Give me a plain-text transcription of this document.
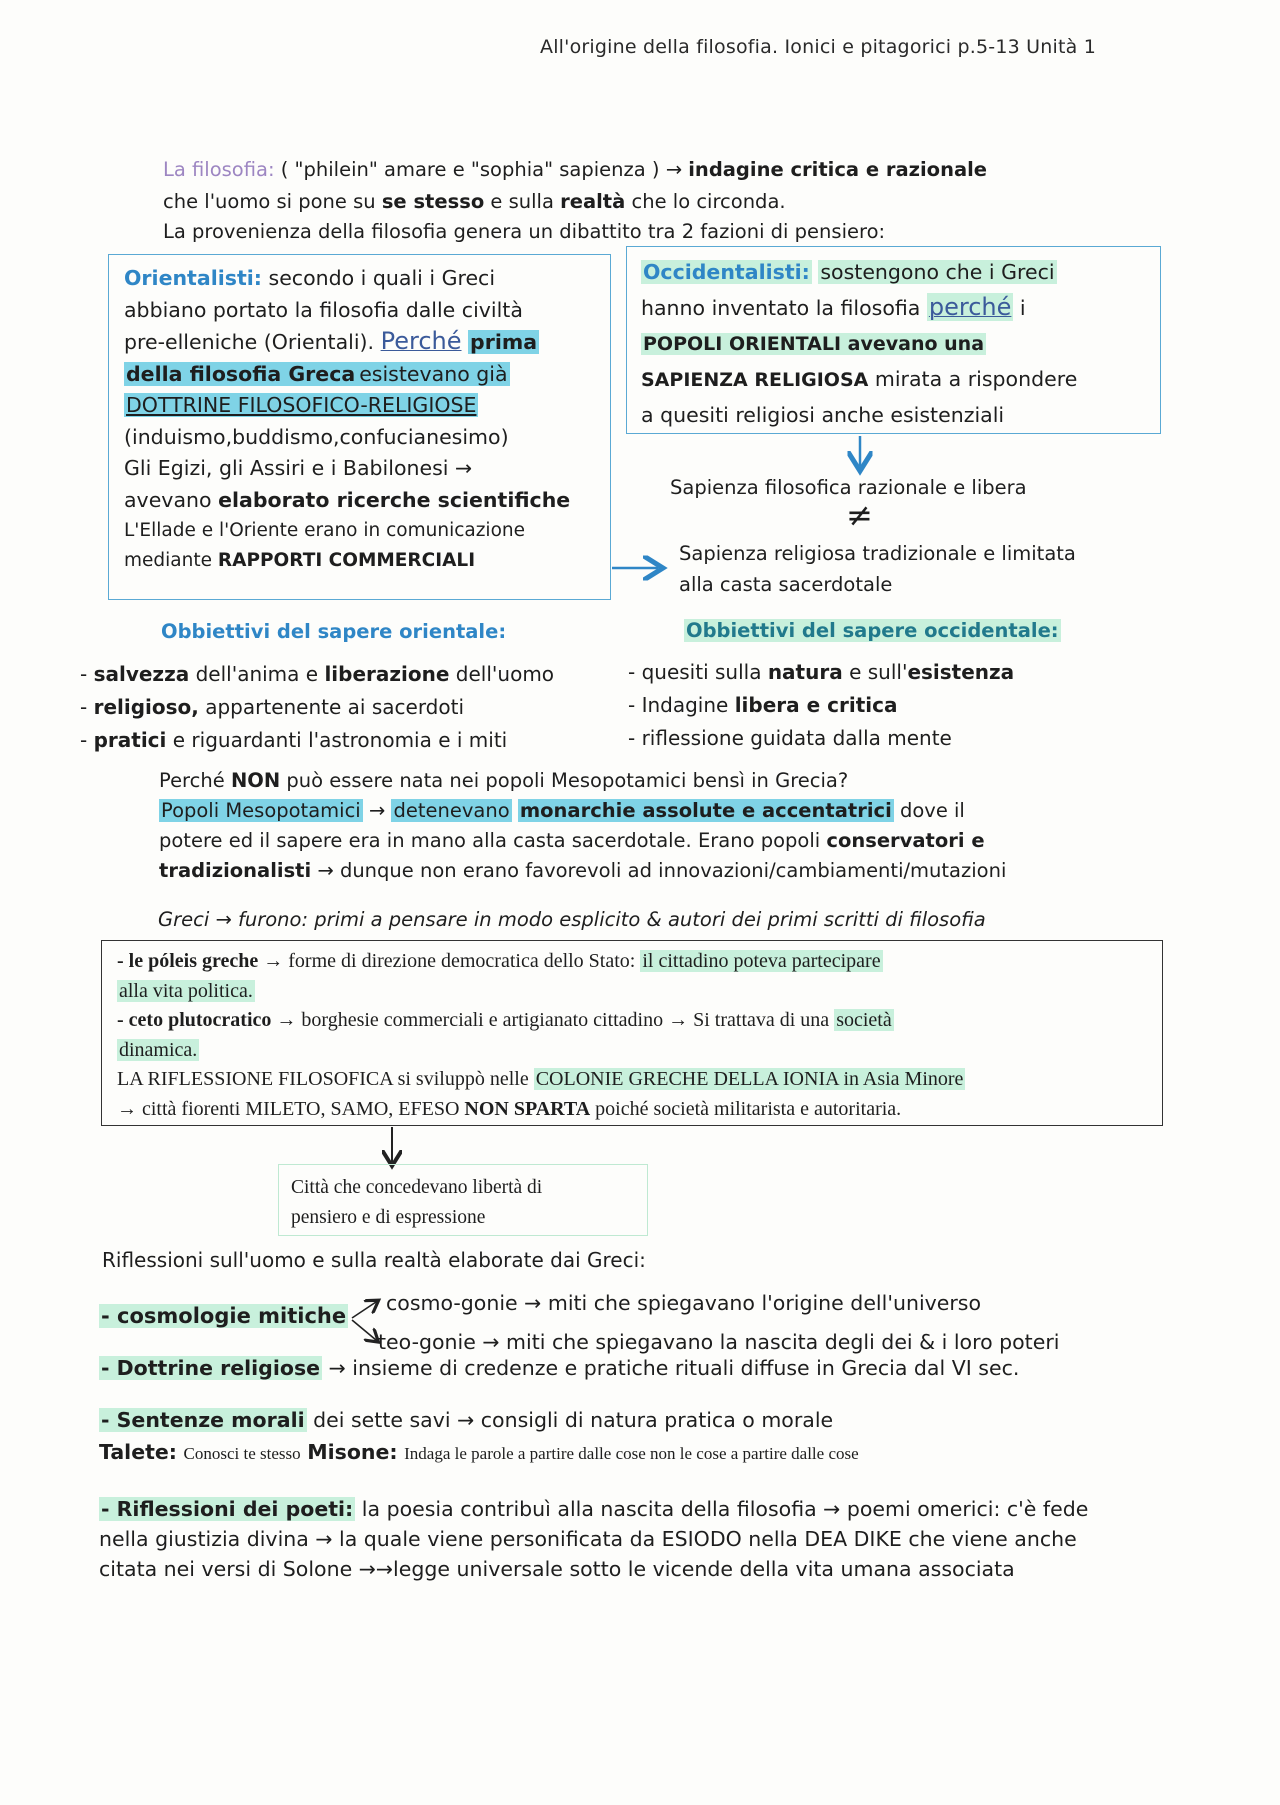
All'origine della filosofia. Ionici e pitagorici p.5-13 Unità 1
La filosofia: ( "philein" amare e "sophia" sapienza ) → indagine critica e razionale
che l'uomo si pone su se stesso e sulla realtà che lo circonda.
La provenienza della filosofia genera un dibattito tra 2 fazioni di pensiero:
Orientalisti: secondo i quali i Greci
abbiano portato la filosofia dalle civiltà
pre-elleniche (Orientali). Perché prima
della filosofia Greca esistevano già
DOTTRINE FILOSOFICO-RELIGIOSE
(induismo,buddismo,confucianesimo)
Gli Egizi, gli Assiri e i Babilonesi →
avevano elaborato ricerche scientifiche
L'Ellade e l'Oriente erano in comunicazione
mediante RAPPORTI COMMERCIALI
Occidentalisti: sostengono che i Greci
hanno inventato la filosofia perché i
POPOLI ORIENTALI avevano una
SAPIENZA RELIGIOSA mirata a rispondere
a quesiti religiosi anche esistenziali
Sapienza filosofica razionale e libera
≠
Sapienza religiosa tradizionale e limitata
alla casta sacerdotale
Obbiettivi del sapere orientale:	Obbiettivi del sapere occidentale:
- salvezza dell'anima e liberazione dell'uomo
- religioso, appartenente ai sacerdoti
- pratici e riguardanti l'astronomia e i miti
- quesiti sulla natura e sull'esistenza
- Indagine libera e critica
- riflessione guidata dalla mente
Perché NON può essere nata nei popoli Mesopotamici bensì in Grecia?
Popoli Mesopotamici → detenevano monarchie assolute e accentatrici dove il
potere ed il sapere era in mano alla casta sacerdotale. Erano popoli conservatori e
tradizionalisti → dunque non erano favorevoli ad innovazioni/cambiamenti/mutazioni
Greci → furono: primi a pensare in modo esplicito & autori dei primi scritti di filosofia
- le póleis greche → forme di direzione democratica dello Stato: il cittadino poteva partecipare
alla vita politica.
- ceto plutocratico → borghesie commerciali e artigianato cittadino → Si trattava di una società
dinamica.
LA RIFLESSIONE FILOSOFICA si sviluppò nelle COLONIE GRECHE DELLA IONIA in Asia Minore
→ città fiorenti MILETO, SAMO, EFESO NON SPARTA poiché società militarista e autoritaria.
Città che concedevano libertà di
pensiero e di espressione
Riflessioni sull'uomo e sulla realtà elaborate dai Greci:
- cosmologie mitiche
cosmo-gonie → miti che spiegavano l'origine dell'universo
teo-gonie → miti che spiegavano la nascita degli dei & i loro poteri
- Dottrine religiose → insieme di credenze e pratiche rituali diffuse in Grecia dal VI sec.
- Sentenze morali dei sette savi → consigli di natura pratica o morale
Talete: Conosci te stesso Misone: Indaga le parole a partire dalle cose non le cose a partire dalle cose
- Riflessioni dei poeti: la poesia contribuì alla nascita della filosofia → poemi omerici: c'è fede
nella giustizia divina → la quale viene personificata da ESIODO nella DEA DIKE che viene anche
citata nei versi di Solone →→legge universale sotto le vicende della vita umana associata
